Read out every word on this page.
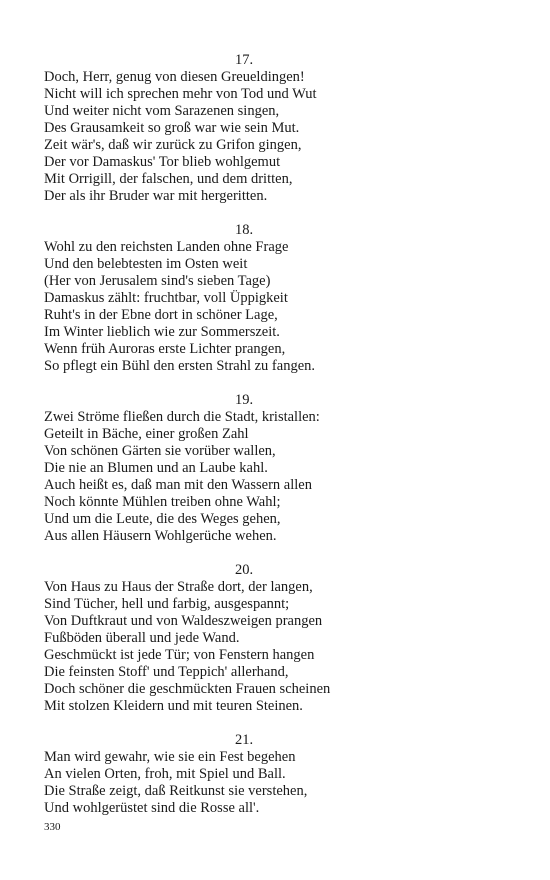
17.
Doch, Herr, genug von diesen Greueldingen!
Nicht will ich sprechen mehr von Tod und Wut
Und weiter nicht vom Sarazenen singen,
Des Grausamkeit so groß war wie sein Mut.
Zeit wär's, daß wir zurück zu Grifon gingen,
Der vor Damaskus' Tor blieb wohlgemut
Mit Orrigill, der falschen, und dem dritten,
Der als ihr Bruder war mit hergeritten.
18.
Wohl zu den reichsten Landen ohne Frage
Und den belebtesten im Osten weit
(Her von Jerusalem sind's sieben Tage)
Damaskus zählt: fruchtbar, voll Üppigkeit
Ruht's in der Ebne dort in schöner Lage,
Im Winter lieblich wie zur Sommerszeit.
Wenn früh Auroras erste Lichter prangen,
So pflegt ein Bühl den ersten Strahl zu fangen.
19.
Zwei Ströme fließen durch die Stadt, kristallen:
Geteilt in Bäche, einer großen Zahl
Von schönen Gärten sie vorüber wallen,
Die nie an Blumen und an Laube kahl.
Auch heißt es, daß man mit den Wassern allen
Noch könnte Mühlen treiben ohne Wahl;
Und um die Leute, die des Weges gehen,
Aus allen Häusern Wohlgerüche wehen.
20.
Von Haus zu Haus der Straße dort, der langen,
Sind Tücher, hell und farbig, ausgespannt;
Von Duftkraut und von Waldeszweigen prangen
Fußböden überall und jede Wand.
Geschmückt ist jede Tür; von Fenstern hangen
Die feinsten Stoff' und Teppich' allerhand,
Doch schöner die geschmückten Frauen scheinen
Mit stolzen Kleidern und mit teuren Steinen.
21.
Man wird gewahr, wie sie ein Fest begehen
An vielen Orten, froh, mit Spiel und Ball.
Die Straße zeigt, daß Reitkunst sie verstehen,
Und wohlgerüstet sind die Rosse all'.
330
